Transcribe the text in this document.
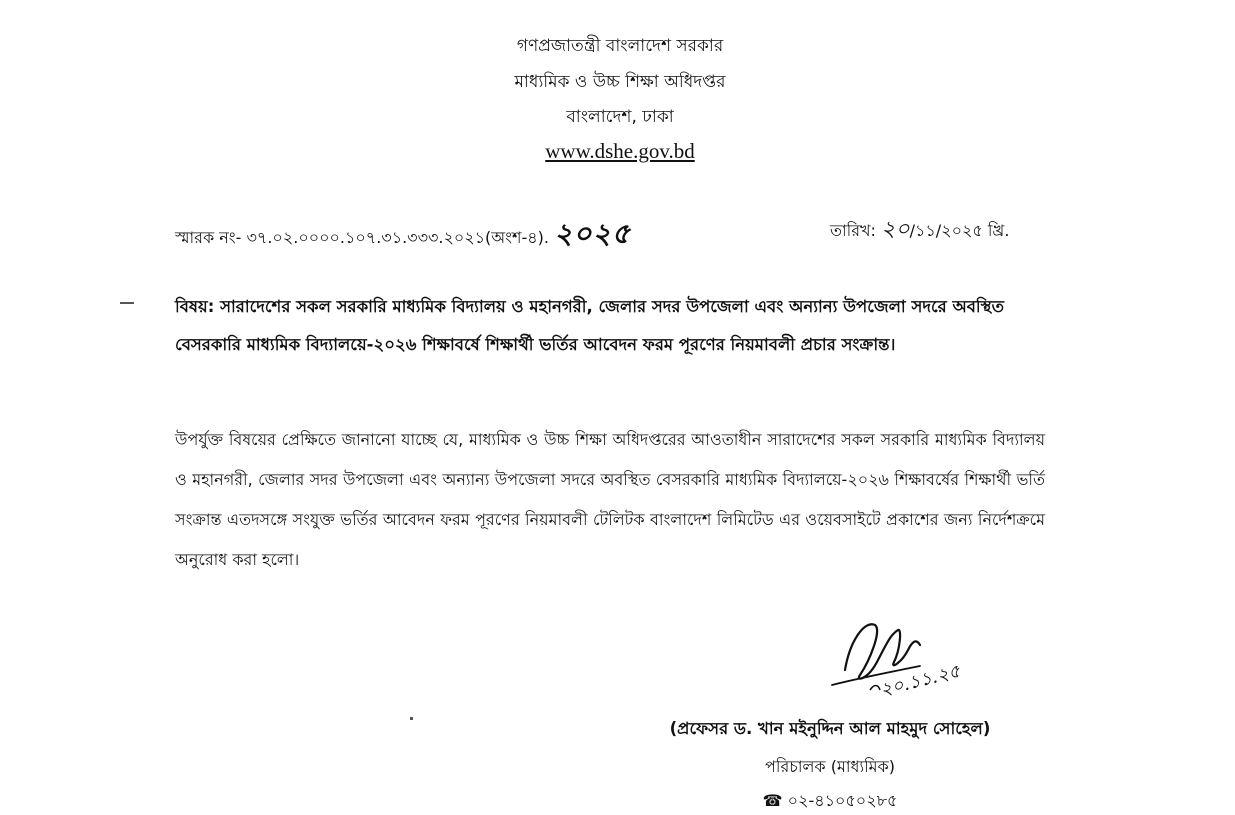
গণপ্রজাতন্ত্রী বাংলাদেশ সরকার
মাধ্যমিক ও উচ্চ শিক্ষা অধিদপ্তর
বাংলাদেশ, ঢাকা
www.dshe.gov.bd
স্মারক নং- ৩৭.০২.০০০০.১০৭.৩১.৩৩৩.২০২১(অংশ-৪). ২০২৫	তারিখ: ২০/১১/২০২৫ খ্রি.
বিষয়: সারাদেশের সকল সরকারি মাধ্যমিক বিদ্যালয় ও মহানগরী, জেলার সদর উপজেলা এবং অন্যান্য উপজেলা সদরে অবস্থিত বেসরকারি মাধ্যমিক বিদ্যালয়ে-২০২৬ শিক্ষাবর্ষে শিক্ষার্থী ভর্তির আবেদন ফরম পূরণের নিয়মাবলী প্রচার সংক্রান্ত।
উপর্যুক্ত বিষয়ের প্রেক্ষিতে জানানো যাচ্ছে যে, মাধ্যমিক ও উচ্চ শিক্ষা অধিদপ্তরের আওতাধীন সারাদেশের সকল সরকারি মাধ্যমিক বিদ্যালয় ও মহানগরী, জেলার সদর উপজেলা এবং অন্যান্য উপজেলা সদরে অবস্থিত বেসরকারি মাধ্যমিক বিদ্যালয়ে-২০২৬ শিক্ষাবর্ষের শিক্ষার্থী ভর্তি সংক্রান্ত এতদসঙ্গে সংযুক্ত ভর্তির আবেদন ফরম পূরণের নিয়মাবলী টেলিটক বাংলাদেশ লিমিটেড এর ওয়েবসাইটে প্রকাশের জন্য নির্দেশক্রমে অনুরোধ করা হলো।
২০.১১.২৫
(প্রফেসর ড. খান মইনুদ্দিন আল মাহমুদ সোহেল)
পরিচালক (মাধ্যমিক)
☎ ০২-৪১০৫০২৮৫
